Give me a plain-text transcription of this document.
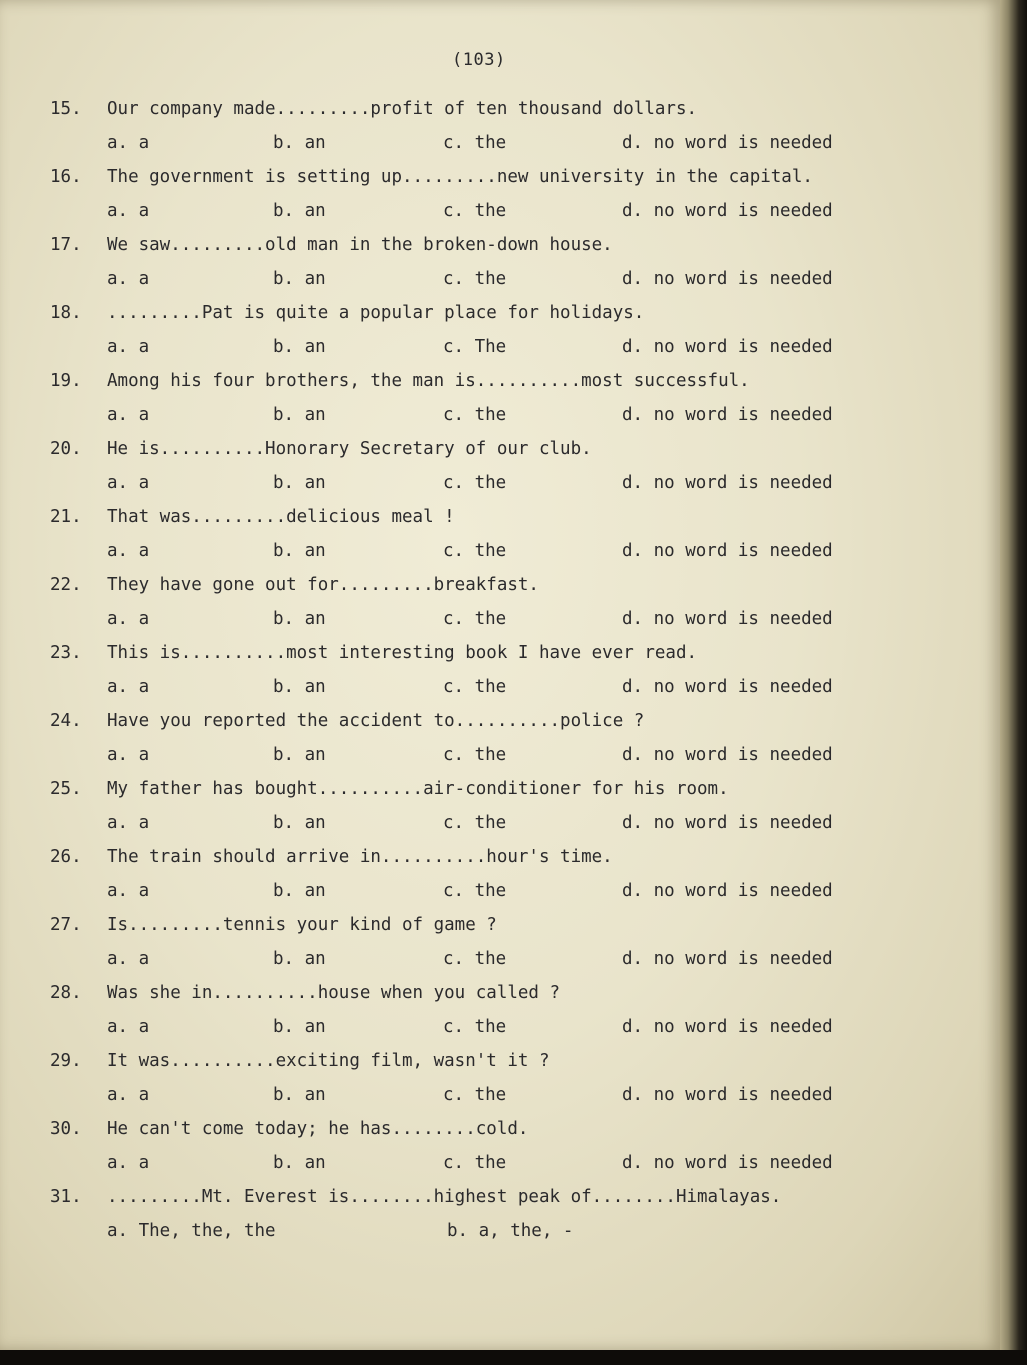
(103)
15. Our company made.........profit of ten thousand dollars.
a. a	b. an	c. the	d. no word is needed
16. The government is setting up.........new university in the capital.
a. a	b. an	c. the	d. no word is needed
17. We saw.........old man in the broken-down house.
a. a	b. an	c. the	d. no word is needed
18. .........Pat is quite a popular place for holidays.
a. a	b. an	c. The	d. no word is needed
19. Among his four brothers, the man is..........most successful.
a. a	b. an	c. the	d. no word is needed
20. He is..........Honorary Secretary of our club.
a. a	b. an	c. the	d. no word is needed
21. That was.........delicious meal !
a. a	b. an	c. the	d. no word is needed
22. They have gone out for.........breakfast.
a. a	b. an	c. the	d. no word is needed
23. This is..........most interesting book I have ever read.
a. a	b. an	c. the	d. no word is needed
24. Have you reported the accident to..........police ?
a. a	b. an	c. the	d. no word is needed
25. My father has bought..........air-conditioner for his room.
a. a	b. an	c. the	d. no word is needed
26. The train should arrive in..........hour's time.
a. a	b. an	c. the	d. no word is needed
27. Is.........tennis your kind of game ?
a. a	b. an	c. the	d. no word is needed
28. Was she in..........house when you called ?
a. a	b. an	c. the	d. no word is needed
29. It was..........exciting film, wasn't it ?
a. a	b. an	c. the	d. no word is needed
30. He can't come today; he has........cold.
a. a	b. an	c. the	d. no word is needed
31. .........Mt. Everest is........highest peak of........Himalayas.
a. The, the, the	b. a, the, -
